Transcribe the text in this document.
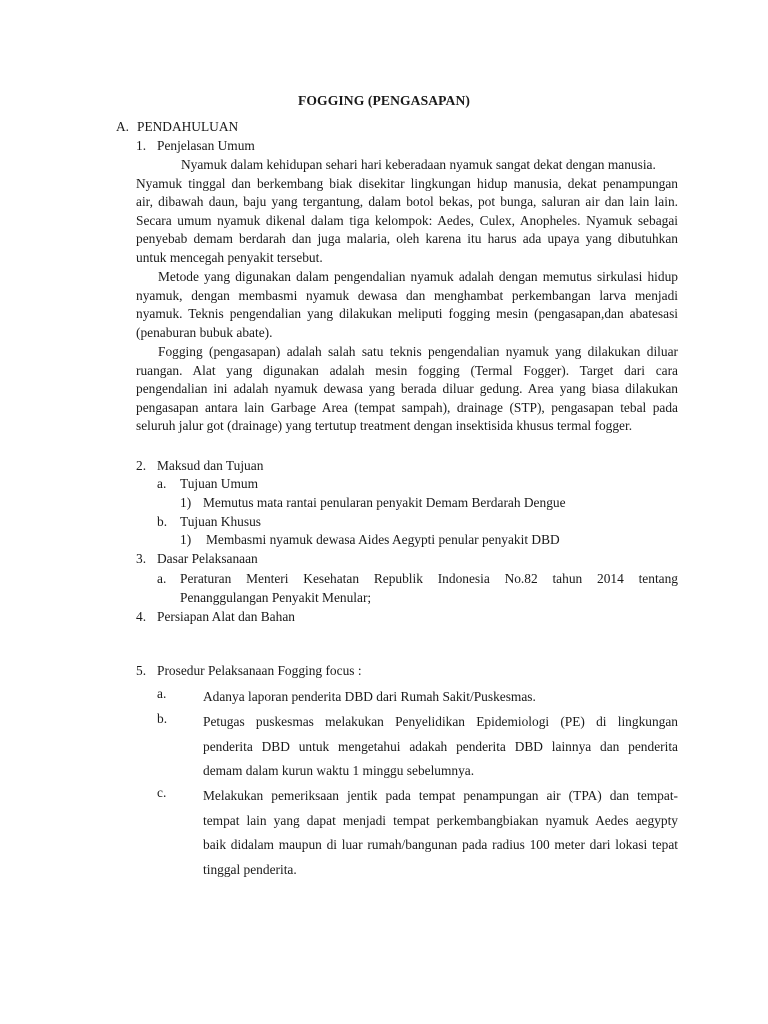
FOGGING (PENGASAPAN)
A. PENDAHULUAN
1. Penjelasan Umum
Nyamuk dalam kehidupan sehari hari keberadaan nyamuk sangat dekat dengan manusia.
Nyamuk tinggal dan berkembang biak disekitar lingkungan hidup manusia, dekat penampungan
air, dibawah daun, baju yang tergantung, dalam botol bekas, pot bunga, saluran air dan lain lain.
Secara umum nyamuk dikenal dalam tiga kelompok: Aedes, Culex, Anopheles. Nyamuk sebagai
penyebab demam berdarah dan juga malaria, oleh karena itu harus ada upaya yang dibutuhkan
untuk mencegah penyakit tersebut.
Metode yang digunakan dalam pengendalian nyamuk adalah dengan memutus sirkulasi hidup
nyamuk, dengan membasmi nyamuk dewasa dan menghambat perkembangan larva menjadi
nyamuk. Teknis pengendalian yang dilakukan meliputi fogging mesin (pengasapan,dan abatesasi
(penaburan bubuk abate).
Fogging (pengasapan) adalah salah satu teknis pengendalian nyamuk yang dilakukan diluar
ruangan. Alat yang digunakan adalah mesin fogging (Termal Fogger). Target dari cara
pengendalian ini adalah nyamuk dewasa yang berada diluar gedung. Area yang biasa dilakukan
pengasapan antara lain Garbage Area (tempat sampah), drainage (STP), pengasapan tebal pada
seluruh jalur got (drainage) yang tertutup treatment dengan insektisida khusus termal fogger.
2. Maksud dan Tujuan
a. Tujuan Umum
1) Memutus mata rantai penularan penyakit Demam Berdarah Dengue
b. Tujuan Khusus
1) Membasmi nyamuk dewasa Aides Aegypti penular penyakit DBD
3. Dasar Pelaksanaan
a. Peraturan Menteri Kesehatan Republik Indonesia No.82 tahun 2014 tentang
Penanggulangan Penyakit Menular;
4. Persiapan Alat dan Bahan
5. Prosedur Pelaksanaan Fogging focus :
a.	Adanya laporan penderita DBD dari Rumah Sakit/Puskesmas.
b.	Petugas puskesmas melakukan Penyelidikan Epidemiologi (PE) di lingkungan
penderita DBD untuk mengetahui adakah penderita DBD lainnya dan penderita
demam dalam kurun waktu 1 minggu sebelumnya.
c.	Melakukan pemeriksaan jentik pada tempat penampungan air (TPA) dan tempat-
tempat lain yang dapat menjadi tempat perkembangbiakan nyamuk Aedes aegypty
baik didalam maupun di luar rumah/bangunan pada radius 100 meter dari lokasi tepat
tinggal penderita.
